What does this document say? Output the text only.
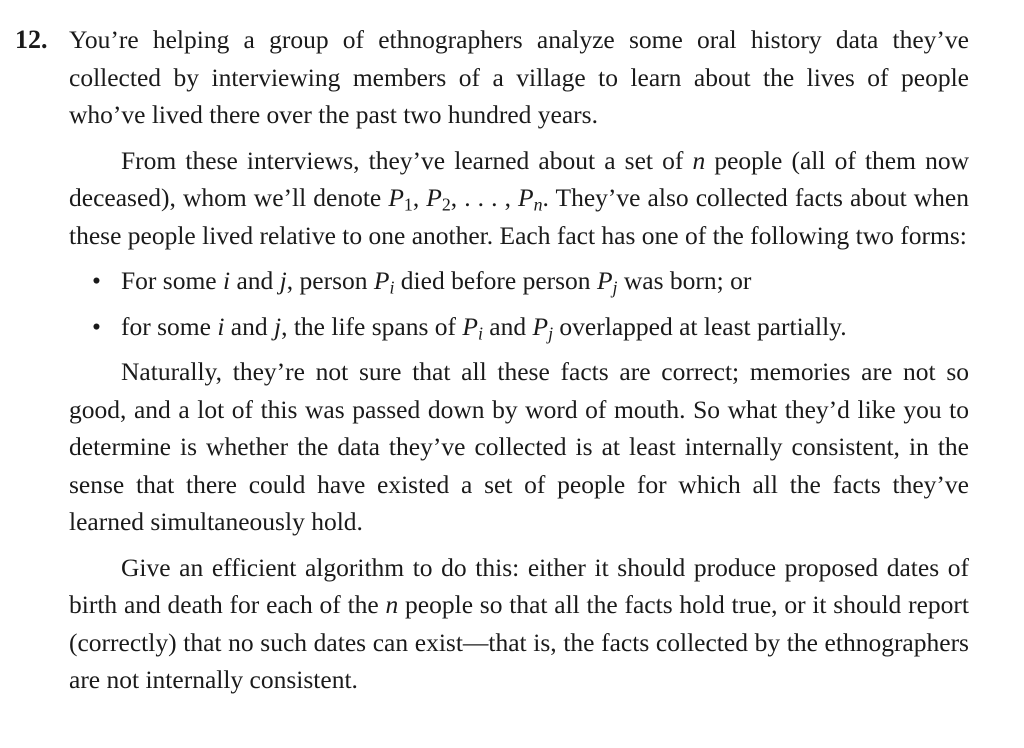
12. You’re helping a group of ethnographers analyze some oral history data they’ve collected by interviewing members of a village to learn about the lives of people who’ve lived there over the past two hundred years.

From these interviews, they’ve learned about a set of n people (all of them now deceased), whom we’ll denote $P_1$, $P_2$, . . . , $P_n$. They’ve also collected facts about when these people lived relative to one another. Each fact has one of the following two forms:

• For some i and j, person $P_i$ died before person $P_j$ was born; or
• for some i and j, the life spans of $P_i$ and $P_j$ overlapped at least partially.

Naturally, they’re not sure that all these facts are correct; memories are not so good, and a lot of this was passed down by word of mouth. So what they’d like you to determine is whether the data they’ve collected is at least internally consistent, in the sense that there could have existed a set of people for which all the facts they’ve learned simultaneously hold.

Give an efficient algorithm to do this: either it should produce proposed dates of birth and death for each of the n people so that all the facts hold true, or it should report (correctly) that no such dates can exist—that is, the facts collected by the ethnographers are not internally consistent.
